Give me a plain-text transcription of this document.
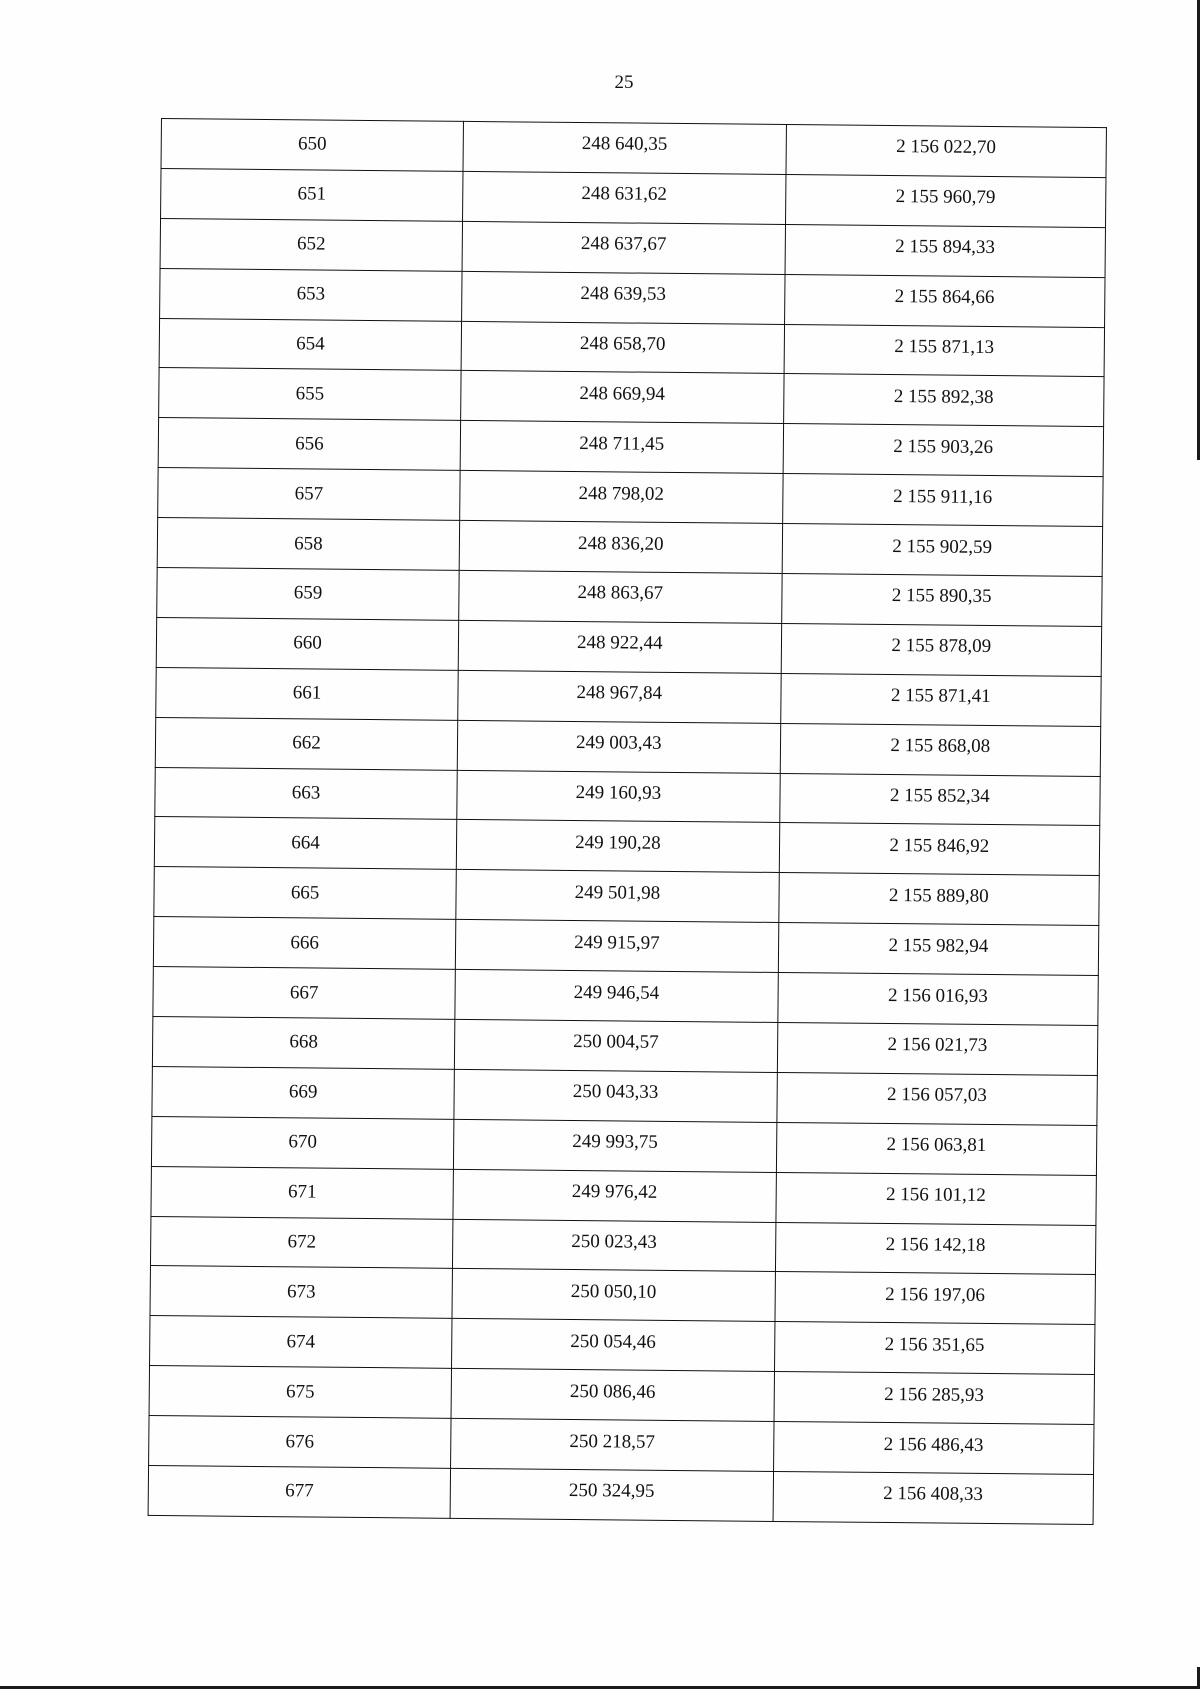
25
650	248 640,35	2 156 022,70
651	248 631,62	2 155 960,79
652	248 637,67	2 155 894,33
653	248 639,53	2 155 864,66
654	248 658,70	2 155 871,13
655	248 669,94	2 155 892,38
656	248 711,45	2 155 903,26
657	248 798,02	2 155 911,16
658	248 836,20	2 155 902,59
659	248 863,67	2 155 890,35
660	248 922,44	2 155 878,09
661	248 967,84	2 155 871,41
662	249 003,43	2 155 868,08
663	249 160,93	2 155 852,34
664	249 190,28	2 155 846,92
665	249 501,98	2 155 889,80
666	249 915,97	2 155 982,94
667	249 946,54	2 156 016,93
668	250 004,57	2 156 021,73
669	250 043,33	2 156 057,03
670	249 993,75	2 156 063,81
671	249 976,42	2 156 101,12
672	250 023,43	2 156 142,18
673	250 050,10	2 156 197,06
674	250 054,46	2 156 351,65
675	250 086,46	2 156 285,93
676	250 218,57	2 156 486,43
677	250 324,95	2 156 408,33
